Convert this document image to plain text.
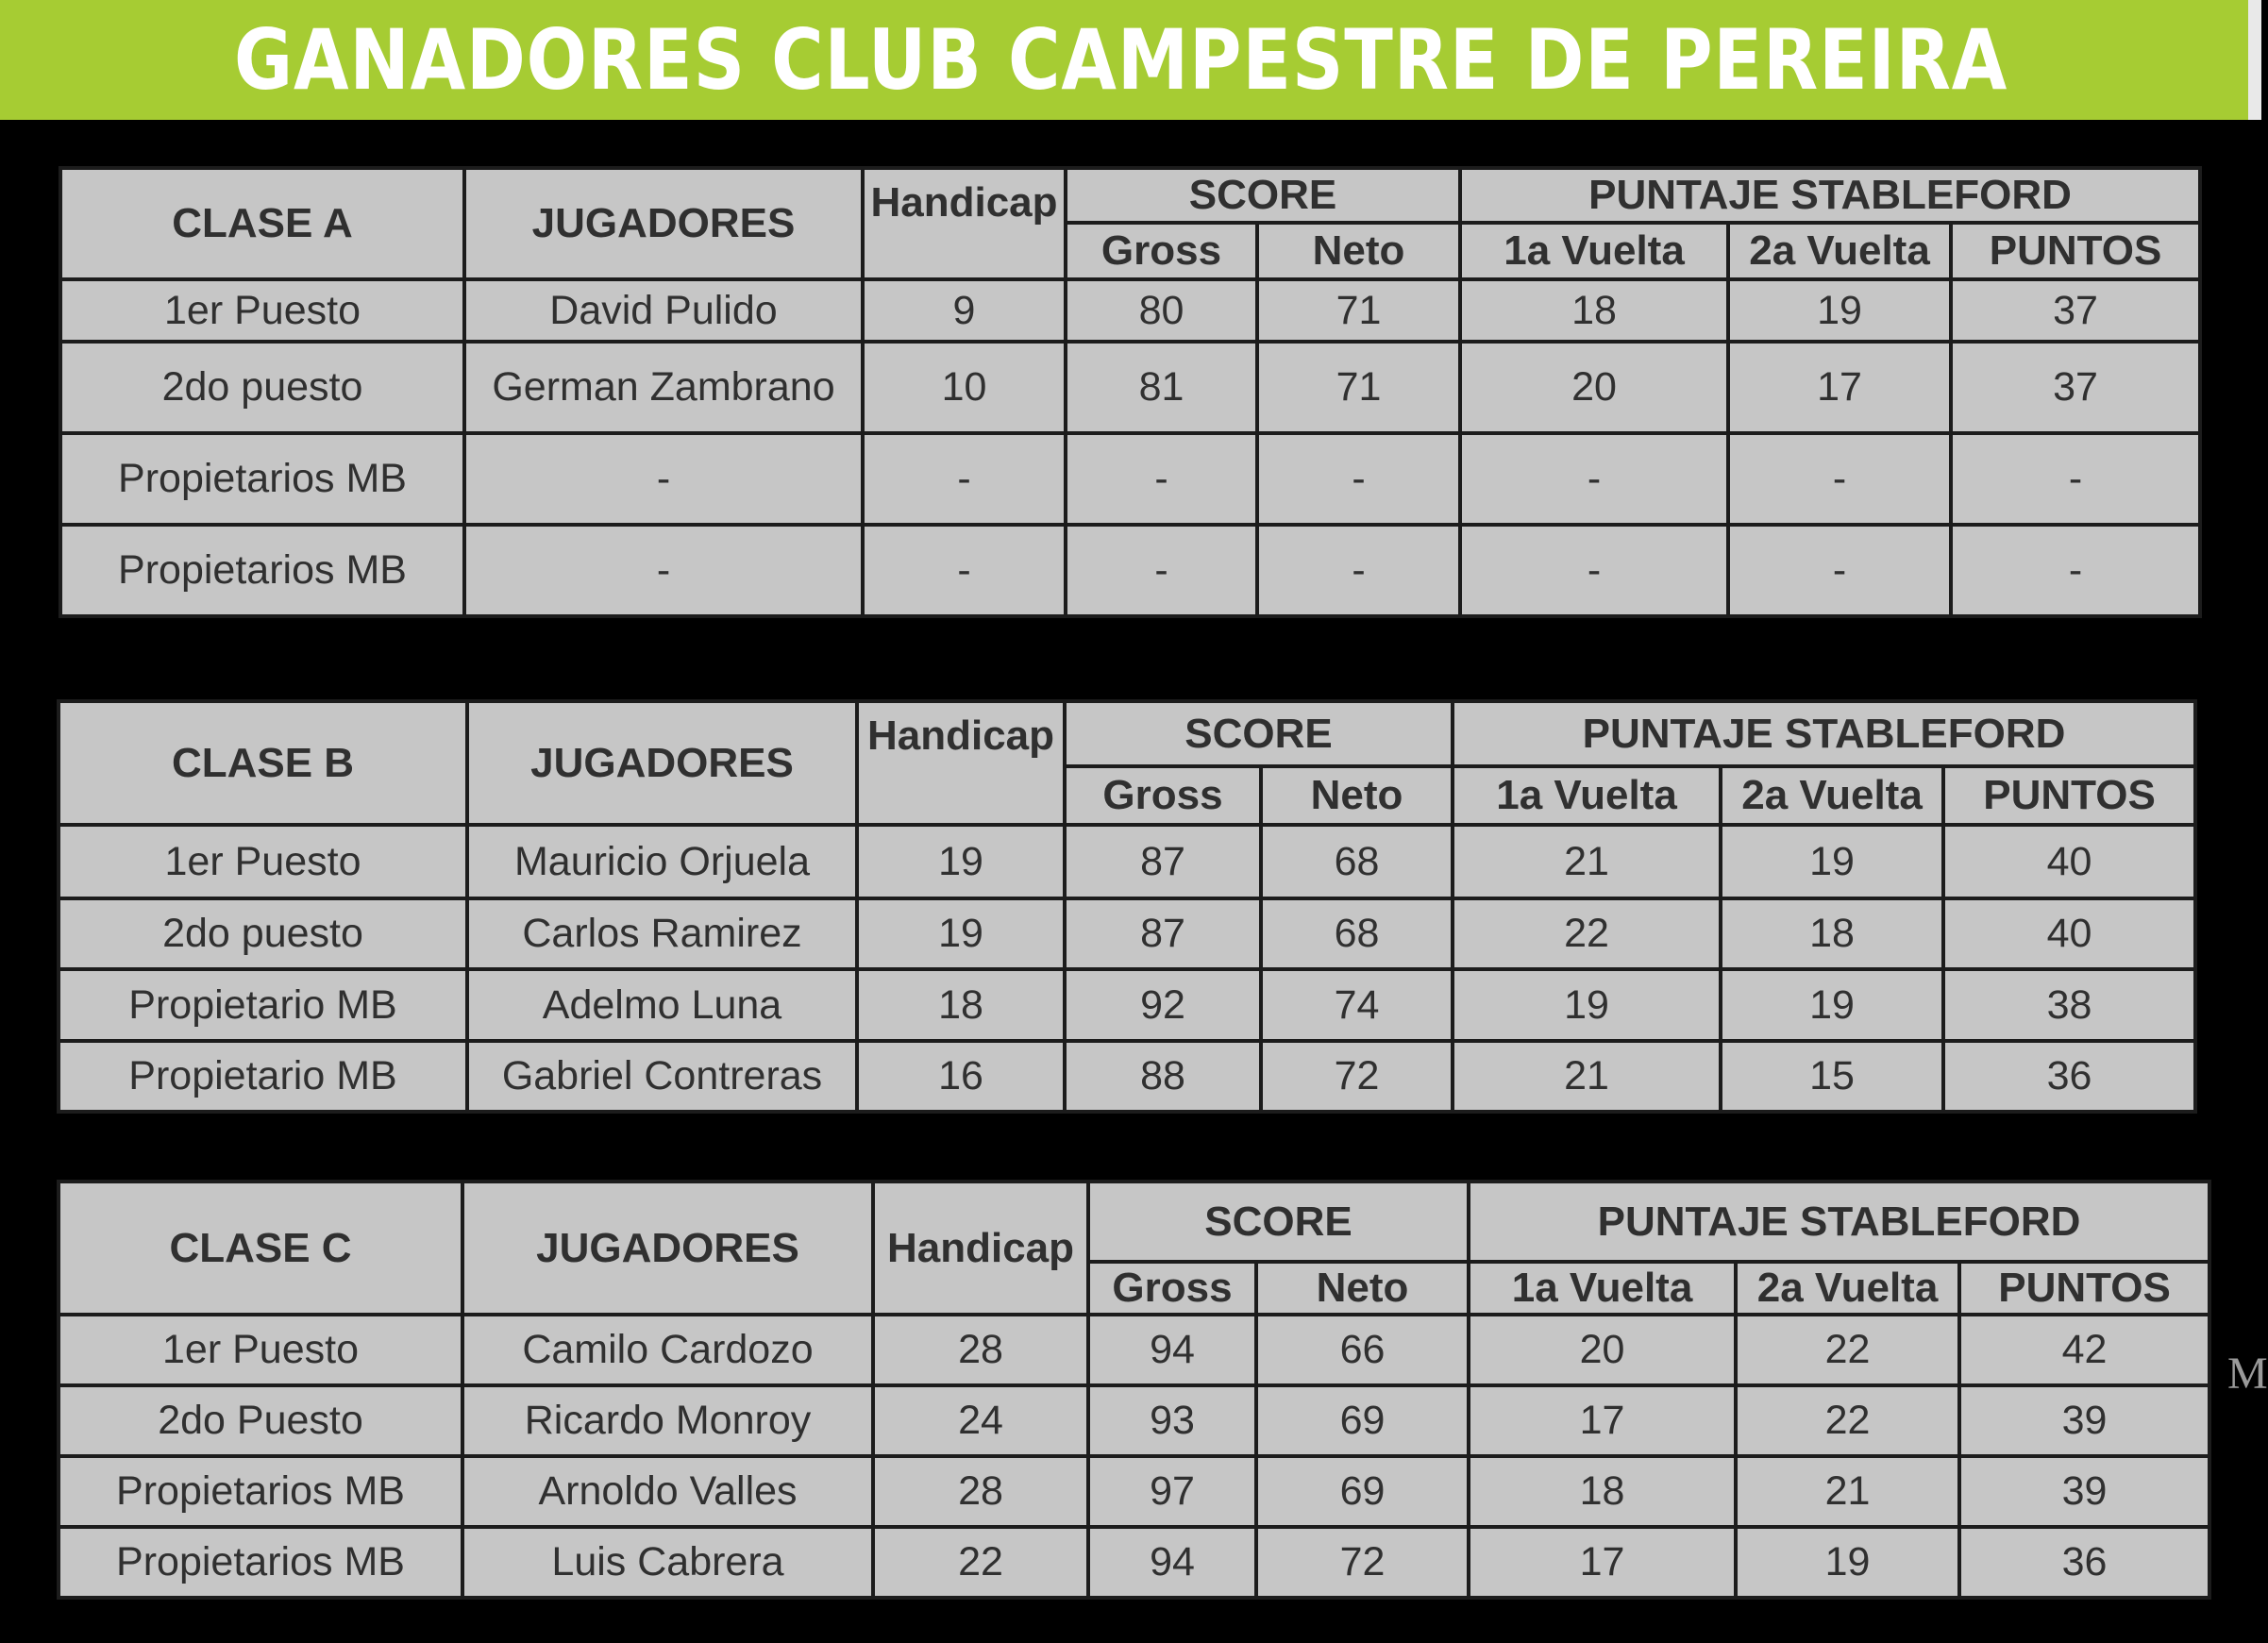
GANADORES CLUB CAMPESTRE DE PEREIRA
M
CLASE A	JUGADORES	Handicap	SCORE		PUNTAJE STABLEFORD		
			Gross	Neto	1a Vuelta	2a Vuelta	PUNTOS
1er Puesto	David Pulido	9	80	71	18	19	37
2do puesto	German Zambrano	10	81	71	20	17	37
Propietarios MB	-	-	-	-	-	-	-
Propietarios MB	-	-	-	-	-	-	-
CLASE B	JUGADORES	Handicap	SCORE		PUNTAJE STABLEFORD		
			Gross	Neto	1a Vuelta	2a Vuelta	PUNTOS
1er Puesto	Mauricio Orjuela	19	87	68	21	19	40
2do puesto	Carlos Ramirez	19	87	68	22	18	40
Propietario MB	Adelmo Luna	18	92	74	19	19	38
Propietario MB	Gabriel Contreras	16	88	72	21	15	36
CLASE C	JUGADORES	Handicap	SCORE		PUNTAJE STABLEFORD		
			Gross	Neto	1a Vuelta	2a Vuelta	PUNTOS
1er Puesto	Camilo Cardozo	28	94	66	20	22	42
2do Puesto	Ricardo Monroy	24	93	69	17	22	39
Propietarios MB	Arnoldo Valles	28	97	69	18	21	39
Propietarios MB	Luis Cabrera	22	94	72	17	19	36
